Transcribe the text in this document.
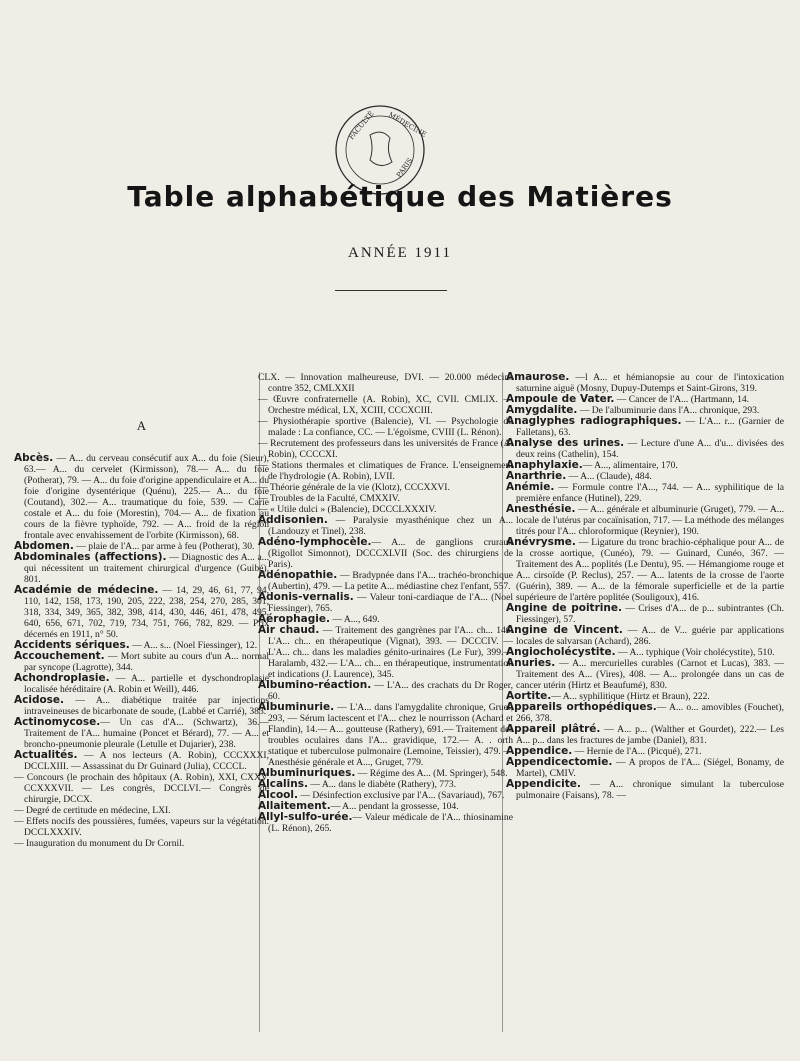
FACULTÉ MÉDECINE
PARIS
Table alphabétique des Matières
ANNÉE 1911
A

Abcès. — A... du cerveau consécutif aux A... du foie (Sieur), 63.— A... du cervelet (Kirmisson), 78.— A... du foie (Potherat), 79. — A... du foie d'origine appendiculaire et A... du foie d'origine dysentérique (Quénu), 225.— A... du foie (Coutand), 302.— A... traumatique du foie, 539. — Carie costale et A... du foie (Morestin), 704.— A... de fixation au cours de la fièvre typhoïde, 792. — A... froid de la région frontale avec envahissement de l'orbite (Kirmisson), 68.

Abdomen. — plaie de l'A... par arme à feu (Potherat), 30.

Abdominales (affections). — Diagnostic des A... a... qui nécessitent un traitement chirurgical d'urgence (Guibé), 801.

Académie de médecine. — 14, 29, 46, 61, 77, 94, 110, 142, 158, 173, 190, 205, 222, 238, 254, 270, 285, 301, 318, 334, 349, 365, 382, 398, 414, 430, 446, 461, 478, 495, 640, 656, 671, 702, 719, 734, 751, 766, 782, 829. — Prix décernés en 1911, n° 50.

Accidents sériques. — A... s... (Noel Fiessinger), 12.

Accouchement. — Mort subite au cours d'un A... normal par syncope (Lagrotte), 344.

Achondroplasie. — A... partielle et dyschondroplasie localisée héréditaire (A. Robin et Weill), 446.

Acidose. — A... diabétique traitée par injections intraveineuses de bicarbonate de soude, (Labbé et Carrié), 383.

Actinomycose.— Un cas d'A... (Schwartz), 36.— Traitement de l'A... humaine (Poncet et Bérard), 77. — A... et broncho-pneumonie pleurale (Letulle et Dujarier), 238.

Actualités. — A nos lecteurs (A. Robin), CCCXXXI, DCCLXIII. — Assassinat du Dr Guinard (Julia), CCCCL.

— Concours (le prochain des hôpitaux (A. Robin), XXI, CXXV, CCXXXVII. — Les congrès, DCCLVI.— Congrès de chirurgie, DCCX.

— Degré de certitude en médecine, LXI.

— Effets nocifs des poussières, fumées, vapeurs sur la végétation. DCCLXXXIV.

— Inauguration du monument du Dr Cornil.

CLX. — Innovation malheureuse, DVI. — 20.000 médecins contre 352, CMLXXII

— Œuvre confraternelle (A. Robin), XC, CVII. CMLIX. — Orchestre médical, LX, XCIII, CCCXCIII.

— Physiothérapie sportive (Balencie), VI. — Psychologie du malade : La confiance, CC. — L'égoïsme, CVIII (L. Rénon).

— Recrutement des professeurs dans les universités de France (A. Robin), CCCCXI.

— Stations thermales et climatiques de France. L'enseignement de l'hydrologie (A. Robin), LVII.

— Théorie générale de la vie (Klotz), CCCXXVI.

— Troubles de la Faculté, CMXXIV.

— « Utile dulci » (Balencie), DCCCLXXXIV.

Addisonien. — Paralysie myasthénique chez un A... (Landouzy et Tinel), 238.

Adéno-lymphocèle.— A... de ganglions cruraux (Rigollot Simonnot), DCCCXLVII (Soc. des chirurgiens de Paris).

Adénopathie. — Bradypnée dans l'A... trachéo-bronchique (Aubertin), 479. — La petite A... médiastine chez l'enfant, 557.

Adonis-vernalis. — Valeur toni-cardiaque de l'A... (Noel Fiessinger), 765.

Aérophagie. — A..., 649.

Air chaud. — Traitement des gangrènes par l'A... ch... 146. L'A... ch... en thérapeutique (Vignat), 393. — DCCCIV. — L'A... ch... dans les maladies génito-urinaires (Le Fur), 399.— Haralamb, 432.— L'A... ch... en thérapeutique, instrumentation et indications (J. Laurence), 345.

Albumino-réaction. — L'A... des crachats du Dr Roger, 60.

Albuminurie. — L'A... dans l'amygdalite chronique, Gruet, 293, — Sérum lactescent et l'A... chez le nourrisson (Achard et Flandin), 14.— A... goutteuse (Rathery), 691.— Traitement des troubles oculaires dans l'A... gravidique, 172.— A. . orth statique et tuberculose pulmonaire (Lemoine, Teissier), 479. — Anesthésie générale et A..., Gruget, 779.

Albuminuriques. — Régime des A... (M. Springer), 548.

Alcalins. — A... dans le diabète (Rathery), 773.

Alcool. — Désinfection exclusive par l'A... (Savariaud), 767.

Allaitement.— A... pendant la grossesse, 104.

Allyl-sulfo-urée.— Valeur médicale de l'A... thiosinamine (L. Rénon), 265.

Amaurose. —l A... et hémianopsie au cour de l'intoxication saturnine aiguë (Mosny, Dupuy-Dutemps et Saint-Girons, 319.

Ampoule de Vater. — Cancer de l'A... (Hartmann, 14.

Amygdalite. — De l'albuminurie dans l'A... chronique, 293.

Anaglyphes radiographiques. — L'A... r... (Garnier de Falletans), 63.

Analyse des urines. — Lecture d'une A... d'u... divisées des deux reins (Cathelin), 154.

Anaphylaxie.— A..., alimentaire, 170.

Anarthrie. — A... (Claude), 484.

Anémie. — Formule contre l'A..., 744. — A... syphilitique de la première enfance (Hutinel), 229.

Anesthésie. — A... générale et albuminurie (Gruget), 779. — A... locale de l'utérus par cocaïnisation, 717. — La méthode des mélanges titrés pour l'A... chloroformique (Reynier), 190.

Anévrysme. — Ligature du tronc brachio-céphalique pour A... de la crosse aortique, (Cunéo), 79. — Guinard, Cunéo, 367. — Traitement des A... poplités (Le Dentu), 95. — Hémangiome rouge et A... cirsoïde (P. Reclus), 257. — A... latents de la crosse de l'aorte (Guérin), 389. — A... de la fémorale superficielle et de la partie supérieure de l'artère poplitée (Souligoux), 416.

Angine de poitrine. — Crises d'A... de p... subintrantes (Ch. Fiessinger), 57.

Angine de Vincent. — A... de V... guérie par applications locales de salvarsan (Achard), 286.

Angiocholécystite. — A... typhique (Voir cholécystite), 510.

Anuries. — A... mercurielles curables (Carnot et Lucas), 383. — Traitement des A... (Vires), 408. — A... prolongée dans un cas de cancer utérin (Hirtz et Beaufumé), 830.

Aortite.— A... syphilitique (Hirtz et Braun), 222.

Appareils orthopédiques.— A... o... amovibles (Fouchet), 266, 378.

Appareil plâtré. — A... p... (Walther et Gourdet), 222.— Les A... p... dans les fractures de jambe (Daniel), 831.

Appendice. — Hernie de l'A... (Picqué), 271.

Appendicectomie. — A propos de l'A... (Siégel, Bonamy, de Martel), CMIV.

Appendicite. — A... chronique simulant la tuberculose pulmonaire (Faisans), 78. —
